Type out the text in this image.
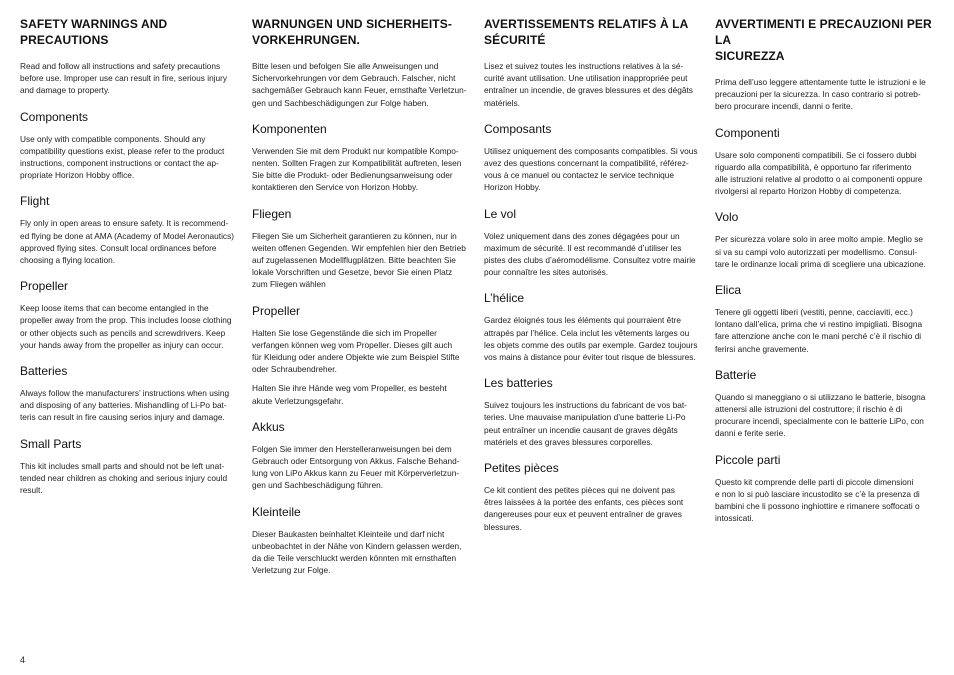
SAFETY WARNINGS AND PRECAUTIONS

Read and follow all instructions and safety precautions
before use. Improper use can result in fire, serious injury
and damage to property.

Components

Use only with compatible components. Should any
compatibility questions exist, please refer to the product
instructions, component instructions or contact the ap-
propriate Horizon Hobby office.

Flight

Fly only in open areas to ensure safety. It is recommend-
ed flying be done at AMA (Academy of Model Aeronautics)
approved flying sites. Consult local ordinances before
choosing a flying location.

Propeller

Keep loose items that can become entangled in the
propeller away from the prop. This includes loose clothing
or other objects such as pencils and screwdrivers. Keep
your hands away from the propeller as injury can occur.

Batteries

Always follow the manufacturers’ instructions when using
and disposing of any batteries. Mishandling of Li-Po bat-
teris can result in fire causing serios injury and damage.

Small Parts

This kit includes small parts and should not be left unat-
tended near children as choking and serious injury could
result.

WARNUNGEN UND SICHERHEITS-
VORKEHRUNGEN.

Bitte lesen und befolgen Sie alle Anweisungen und
Sichervorkehrungen vor dem Gebrauch. Falscher, nicht
sachgemäßer Gebrauch kann Feuer, ernsthafte Verletzun-
gen und Sachbeschädigungen zur Folge haben.

Komponenten

Verwenden Sie mit dem Produkt nur kompatible Kompo-
nenten. Sollten Fragen zur Kompatibilität auftreten, lesen
Sie bitte die Produkt- oder Bedienungsanweisung oder
kontaktieren den Service von Horizon Hobby.

Fliegen

Fliegen Sie um Sicherheit garantieren zu können, nur in
weiten offenen Gegenden. Wir empfehlen hier den Betrieb
auf zugelassenen Modellflugplätzen. Bitte beachten Sie
lokale Vorschriften und Gesetze, bevor Sie einen Platz
zum Fliegen wählen

Propeller

Halten Sie lose Gegenstände die sich im Propeller
verfangen können weg vom Propeller. Dieses gilt auch
für Kleidung oder andere Objekte wie zum Beispiel Stifte
oder Schraubendreher.

Halten Sie ihre Hände weg vom Propeller, es besteht
akute Verletzungsgefahr.

Akkus

Folgen Sie immer den Herstelleranweisungen bei dem
Gebrauch oder Entsorgung von Akkus. Falsche Behand-
lung von LiPo Akkus kann zu Feuer mit Körperverletzun-
gen und Sachbeschädigung führen.

Kleinteile

Dieser Baukasten beinhaltet Kleinteile und darf nicht
unbeobachtet in der Nähe von Kindern gelassen werden,
da die Teile verschluckt werden könnten mit ernsthaften
Verletzung zur Folge.

AVERTISSEMENTS RELATIFS À LA
SÉCURITÉ

Lisez et suivez toutes les instructions relatives à la sé-
curité avant utilisation. Une utilisation inappropriée peut
entraîner un incendie, de graves blessures et des dégâts
matériels.

Composants

Utilisez uniquement des composants compatibles. Si vous
avez des questions concernant la compatibilité, référez-
vous à ce manuel ou contactez le service technique
Horizon Hobby.

Le vol

Volez uniquement dans des zones dégagées pour un
maximum de sécurité. Il est recommandé d’utiliser les
pistes des clubs d’aéromodélisme. Consultez votre mairie
pour connaître les sites autorisés.

L’hélice

Gardez éloignés tous les éléments qui pourraient être
attrapés par l’hélice. Cela inclut les vêtements larges ou
les objets comme des outils par exemple. Gardez toujours
vos mains à distance pour éviter tout risque de blessures.

Les batteries

Suivez toujours les instructions du fabricant de vos bat-
teries. Une mauvaise manipulation d’une batterie Li-Po
peut entraîner un incendie causant de graves dégâts
matériels et des graves blessures corporelles.

Petites pièces

Ce kit contient des petites pièces qui ne doivent pas
êtres laissées à la portée des enfants, ces pièces sont
dangereuses pour eux et peuvent entraîner de graves
blessures.

AVVERTIMENTI E PRECAUZIONI PER LA
SICUREZZA

Prima dell’uso leggere attentamente tutte le istruzioni e le
precauzioni per la sicurezza. In caso contrario si potreb-
bero procurare incendi, danni o ferite.

Componenti

Usare solo componenti compatibili. Se ci fossero dubbi
riguardo alla compatibilità, è opportuno far riferimento
alle istruzioni relative al prodotto o ai componenti oppure
rivolgersi al reparto Horizon Hobby di competenza.

Volo

Per sicurezza volare solo in aree molto ampie. Meglio se
si va su campi volo autorizzati per modellismo. Consul-
tare le ordinanze locali prima di scegliere una ubicazione.

Elica

Tenere gli oggetti liberi (vestiti, penne, cacciaviti, ecc.)
lontano dall’elica, prima che vi restino impigliati. Bisogna
fare attenzione anche con le mani perché c’è il rischio di
ferirsi anche gravemente.

Batterie

Quando si maneggiano o si utilizzano le batterie, bisogna
attenersi alle istruzioni del costruttore; il rischio è di
procurare incendi, specialmente con le batterie LiPo, con
danni e ferite serie.

Piccole parti

Questo kit comprende delle parti di piccole dimensioni
e non lo si può lasciare incustodito se c’è la presenza di
bambini che li possono inghiottire e rimanere soffocati o
intossicati.

4
